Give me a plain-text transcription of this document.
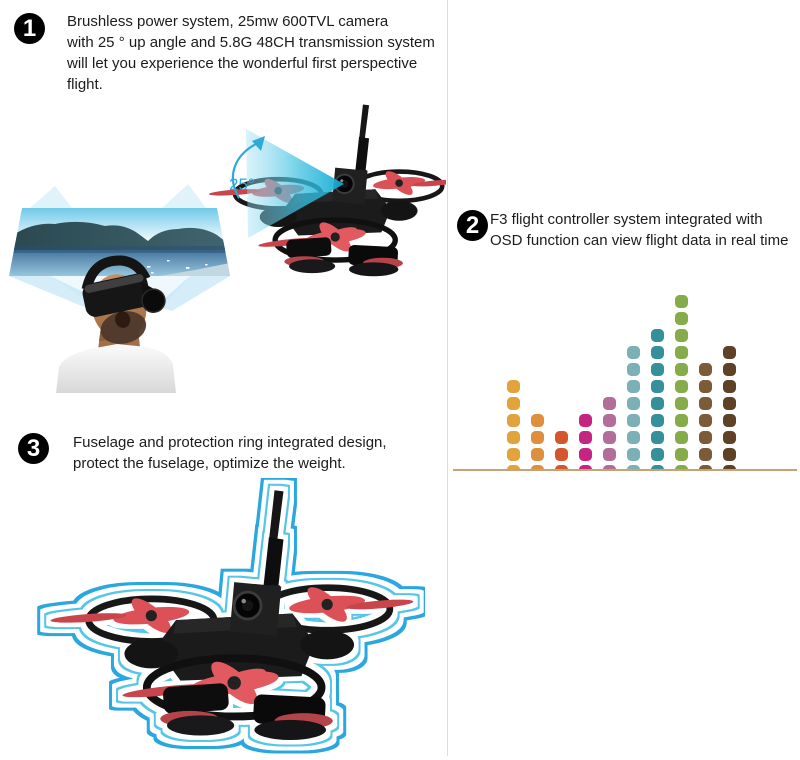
1	Brushless power system, 25mw 600TVL camera
with 25 ° up angle and 5.8G 48CH transmission system
will let you experience the wonderful first perspective
flight.
25°
2 F3 flight controller system integrated with
OSD function can view flight data in real time
3	Fuselage and protection ring integrated design,
protect the fuselage, optimize the weight.
